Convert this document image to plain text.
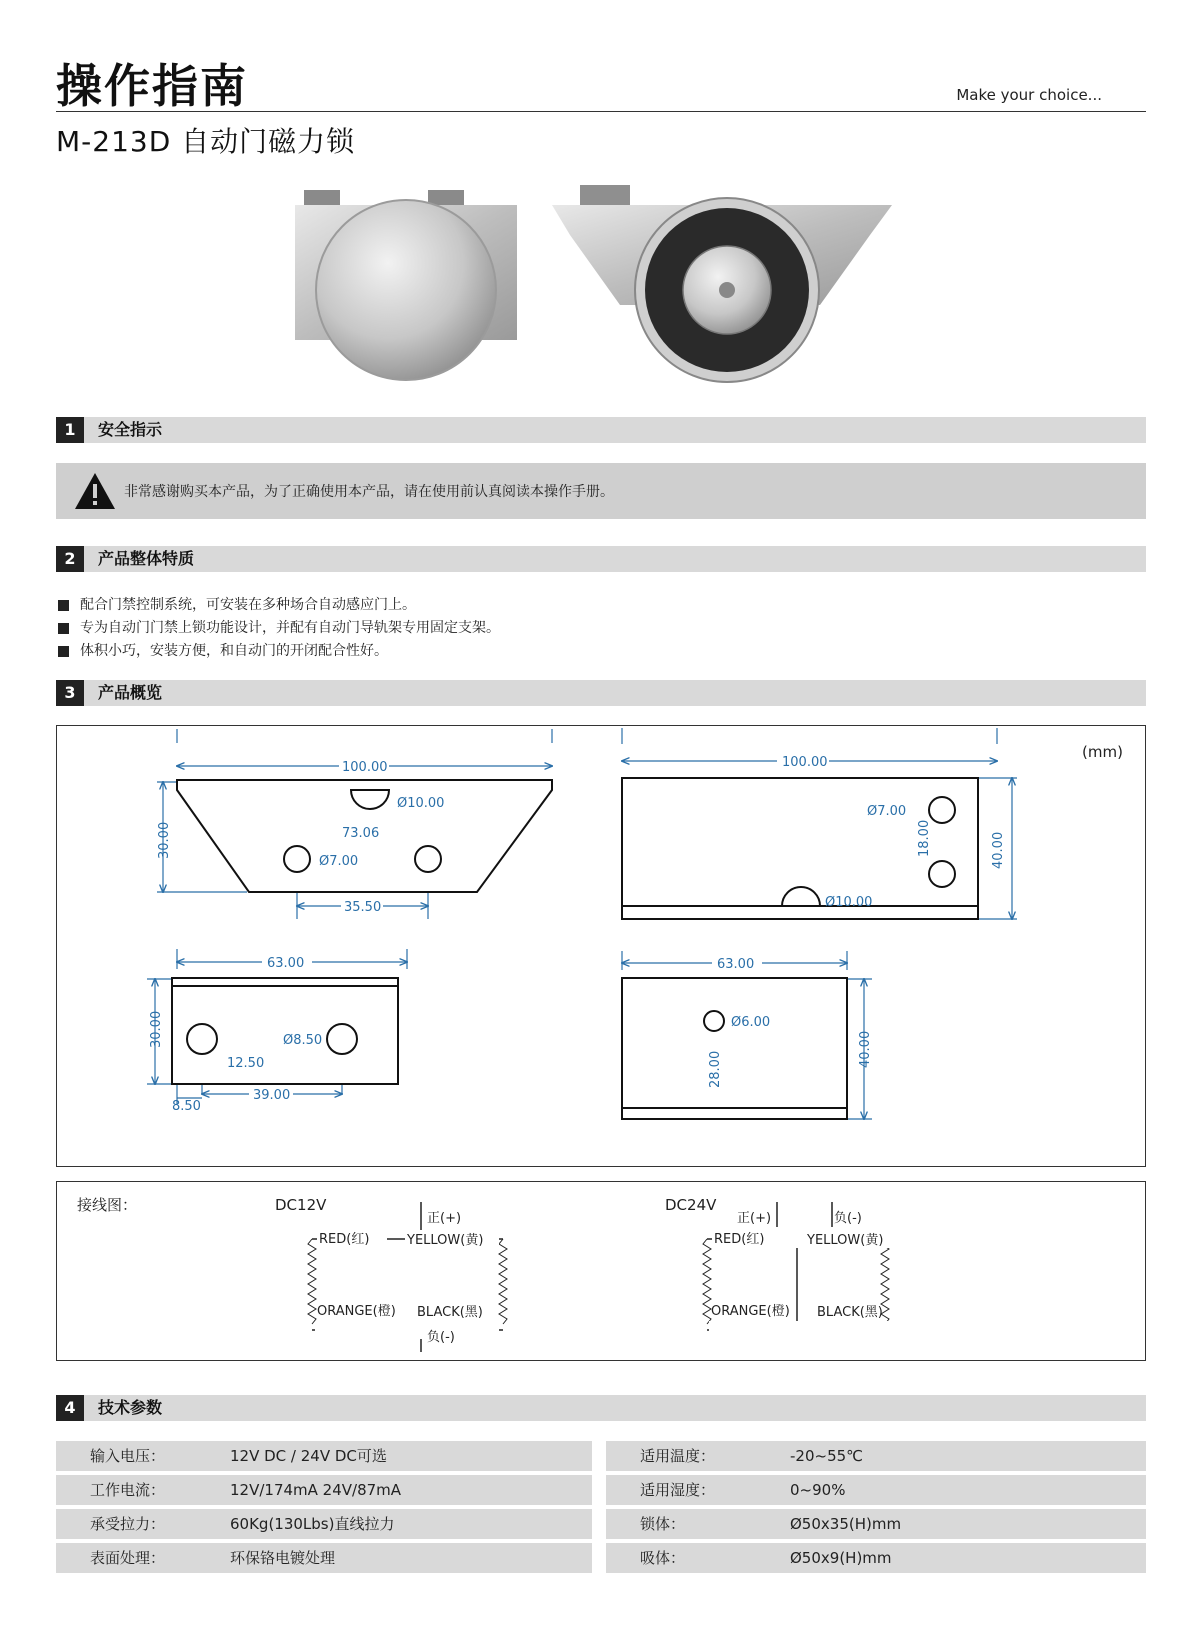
操作指南	Make your choice...
M-213D 自动门磁力锁
1	安全指示
非常感谢购买本产品，为了正确使用本产品，请在使用前认真阅读本操作手册。
2	产品整体特质
配合门禁控制系统，可安装在多种场合自动感应门上。
专为自动门门禁上锁功能设计，并配有自动门导轨架专用固定支架。
体积小巧，安装方便，和自动门的开闭配合性好。
3	产品概览
(mm)
100.00
Ø10.00
73.06
30.00
Ø7.00
35.50
100.00
Ø7.00
18.00	40.00
Ø10.00
63.00
30.00	Ø8.50
12.50
8.50
39.00
63.00
Ø6.00
28.00
40.00
接线图：	DC12V
正(+)
RED(红)	YELLOW(黄)
ORANGE(橙) BLACK(黑)
负(-)
DC24V
正(+)	负(-)
RED(红)	YELLOW(黄)
ORANGE(橙) BLACK(黑)
4	技术参数
输入电压：	12V DC / 24V DC可选
工作电流：	12V/174mA 24V/87mA
承受拉力：	60Kg(130Lbs)直线拉力
表面处理：	环保铬电镀处理
适用温度：	-20~55℃
适用湿度：	0~90%
锁体：	Ø50x35(H)mm
吸体：	Ø50x9(H)mm
